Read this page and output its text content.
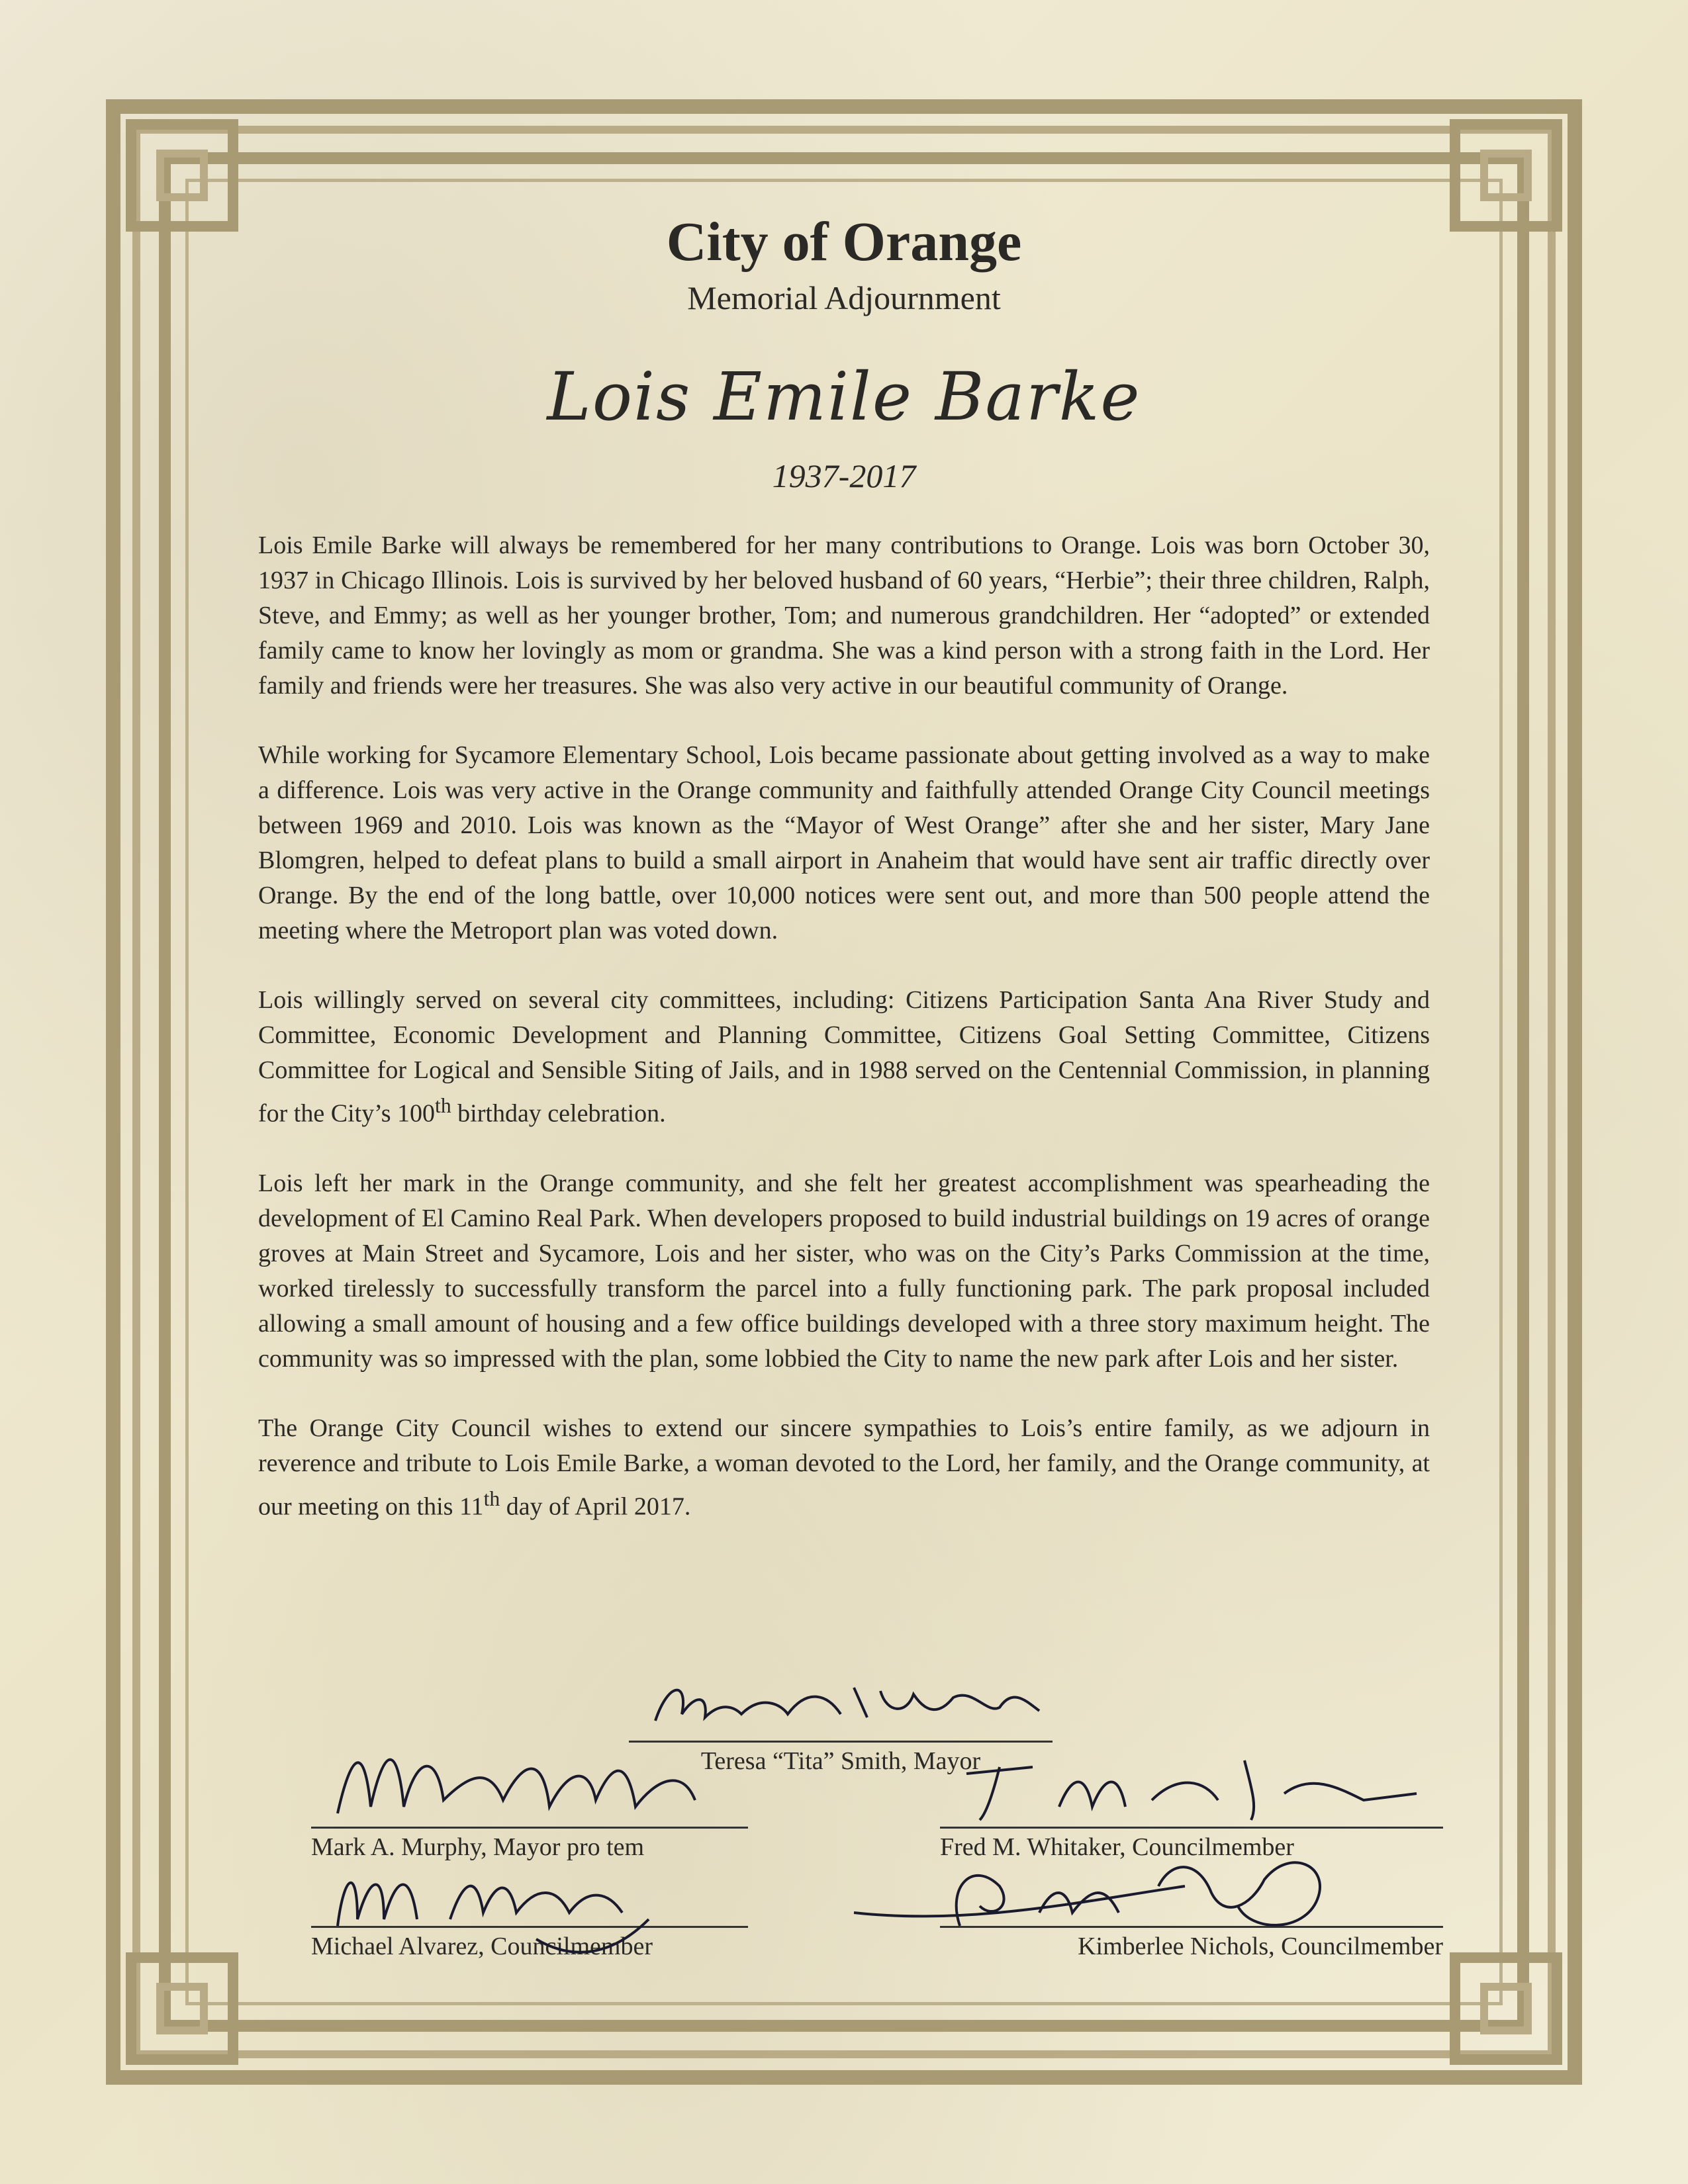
City of Orange
Memorial Adjournment
Lois Emile Barke
1937-2017

Lois Emile Barke will always be remembered for her many contributions to Orange. Lois was born October 30, 1937 in Chicago Illinois. Lois is survived by her beloved husband of 60 years, “Herbie”; their three children, Ralph, Steve, and Emmy; as well as her younger brother, Tom; and numerous grandchildren. Her “adopted” or extended family came to know her lovingly as mom or grandma. She was a kind person with a strong faith in the Lord. Her family and friends were her treasures. She was also very active in our beautiful community of Orange.

While working for Sycamore Elementary School, Lois became passionate about getting involved as a way to make a difference. Lois was very active in the Orange community and faithfully attended Orange City Council meetings between 1969 and 2010. Lois was known as the “Mayor of West Orange” after she and her sister, Mary Jane Blomgren, helped to defeat plans to build a small airport in Anaheim that would have sent air traffic directly over Orange. By the end of the long battle, over 10,000 notices were sent out, and more than 500 people attend the meeting where the Metroport plan was voted down.

Lois willingly served on several city committees, including: Citizens Participation Santa Ana River Study and Committee, Economic Development and Planning Committee, Citizens Goal Setting Committee, Citizens Committee for Logical and Sensible Siting of Jails, and in 1988 served on the Centennial Commission, in planning for the City’s 100th birthday celebration.

Lois left her mark in the Orange community, and she felt her greatest accomplishment was spearheading the development of El Camino Real Park. When developers proposed to build industrial buildings on 19 acres of orange groves at Main Street and Sycamore, Lois and her sister, who was on the City’s Parks Commission at the time, worked tirelessly to successfully transform the parcel into a fully functioning park. The park proposal included allowing a small amount of housing and a few office buildings developed with a three story maximum height. The community was so impressed with the plan, some lobbied the City to name the new park after Lois and her sister.

The Orange City Council wishes to extend our sincere sympathies to Lois’s entire family, as we adjourn in reverence and tribute to Lois Emile Barke, a woman devoted to the Lord, her family, and the Orange community, at our meeting on this 11th day of April 2017.

Teresa “Tita” Smith, Mayor
Mark A. Murphy, Mayor pro tem	Fred M. Whitaker, Councilmember
Michael Alvarez, Councilmember	Kimberlee Nichols, Councilmember
